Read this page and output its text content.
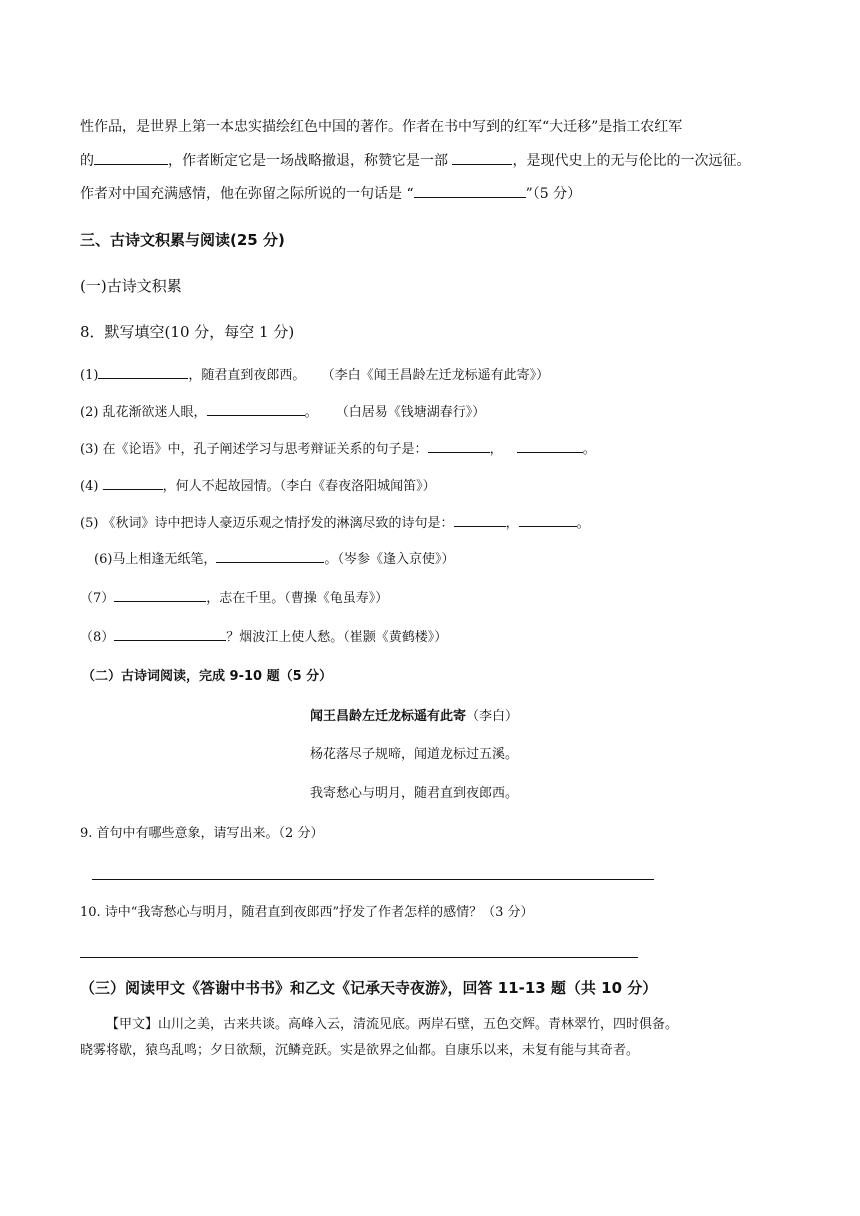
性作品，是世界上第一本忠实描绘红色中国的著作。作者在书中写到的红军“大迁移”是指工农红军
的	，作者断定它是一场战略撤退，称赞它是一部	，是现代史上的无与伦比的一次远征。
作者对中国充满感情，他在弥留之际所说的一句话是 “	”（5 分）
三、古诗文积累与阅读(25 分)
(一)古诗文积累
8．默写填空(10 分，每空 1 分)
(1)	，随君直到夜郎西。 （李白《闻王昌龄左迁龙标遥有此寄》）
(2) 乱花渐欲迷人眼，	。 （白居易《钱塘湖春行》）
(3) 在《论语》中，孔子阐述学习与思考辩证关系的句子是：	，	。
(4)	，何人不起故园情。（李白《春夜洛阳城闻笛》）
(5) 《秋词》诗中把诗人豪迈乐观之情抒发的淋漓尽致的诗句是：	，	。
(6)马上相逢无纸笔，	。（岑参《逢入京使》）
（7）	，志在千里。（曹操《龟虽寿》）
（8）	？烟波江上使人愁。（崔颢《黄鹤楼》）
（二）古诗词阅读，完成 9-10 题（5 分）
闻王昌龄左迁龙标遥有此寄（李白）
杨花落尽子规啼，闻道龙标过五溪。
我寄愁心与明月，随君直到夜郎西。
9. 首句中有哪些意象，请写出来。（2 分）
10. 诗中“我寄愁心与明月，随君直到夜郎西”抒发了作者怎样的感情？（3 分）
（三）阅读甲文《答谢中书书》和乙文《记承天寺夜游》，回答 11-13 题（共 10 分）
【甲文】山川之美，古来共谈。高峰入云，清流见底。两岸石壁，五色交辉。青林翠竹，四时俱备。
晓雾将歇，猿鸟乱鸣；夕日欲颓，沉鳞竞跃。实是欲界之仙都。自康乐以来，未复有能与其奇者。
